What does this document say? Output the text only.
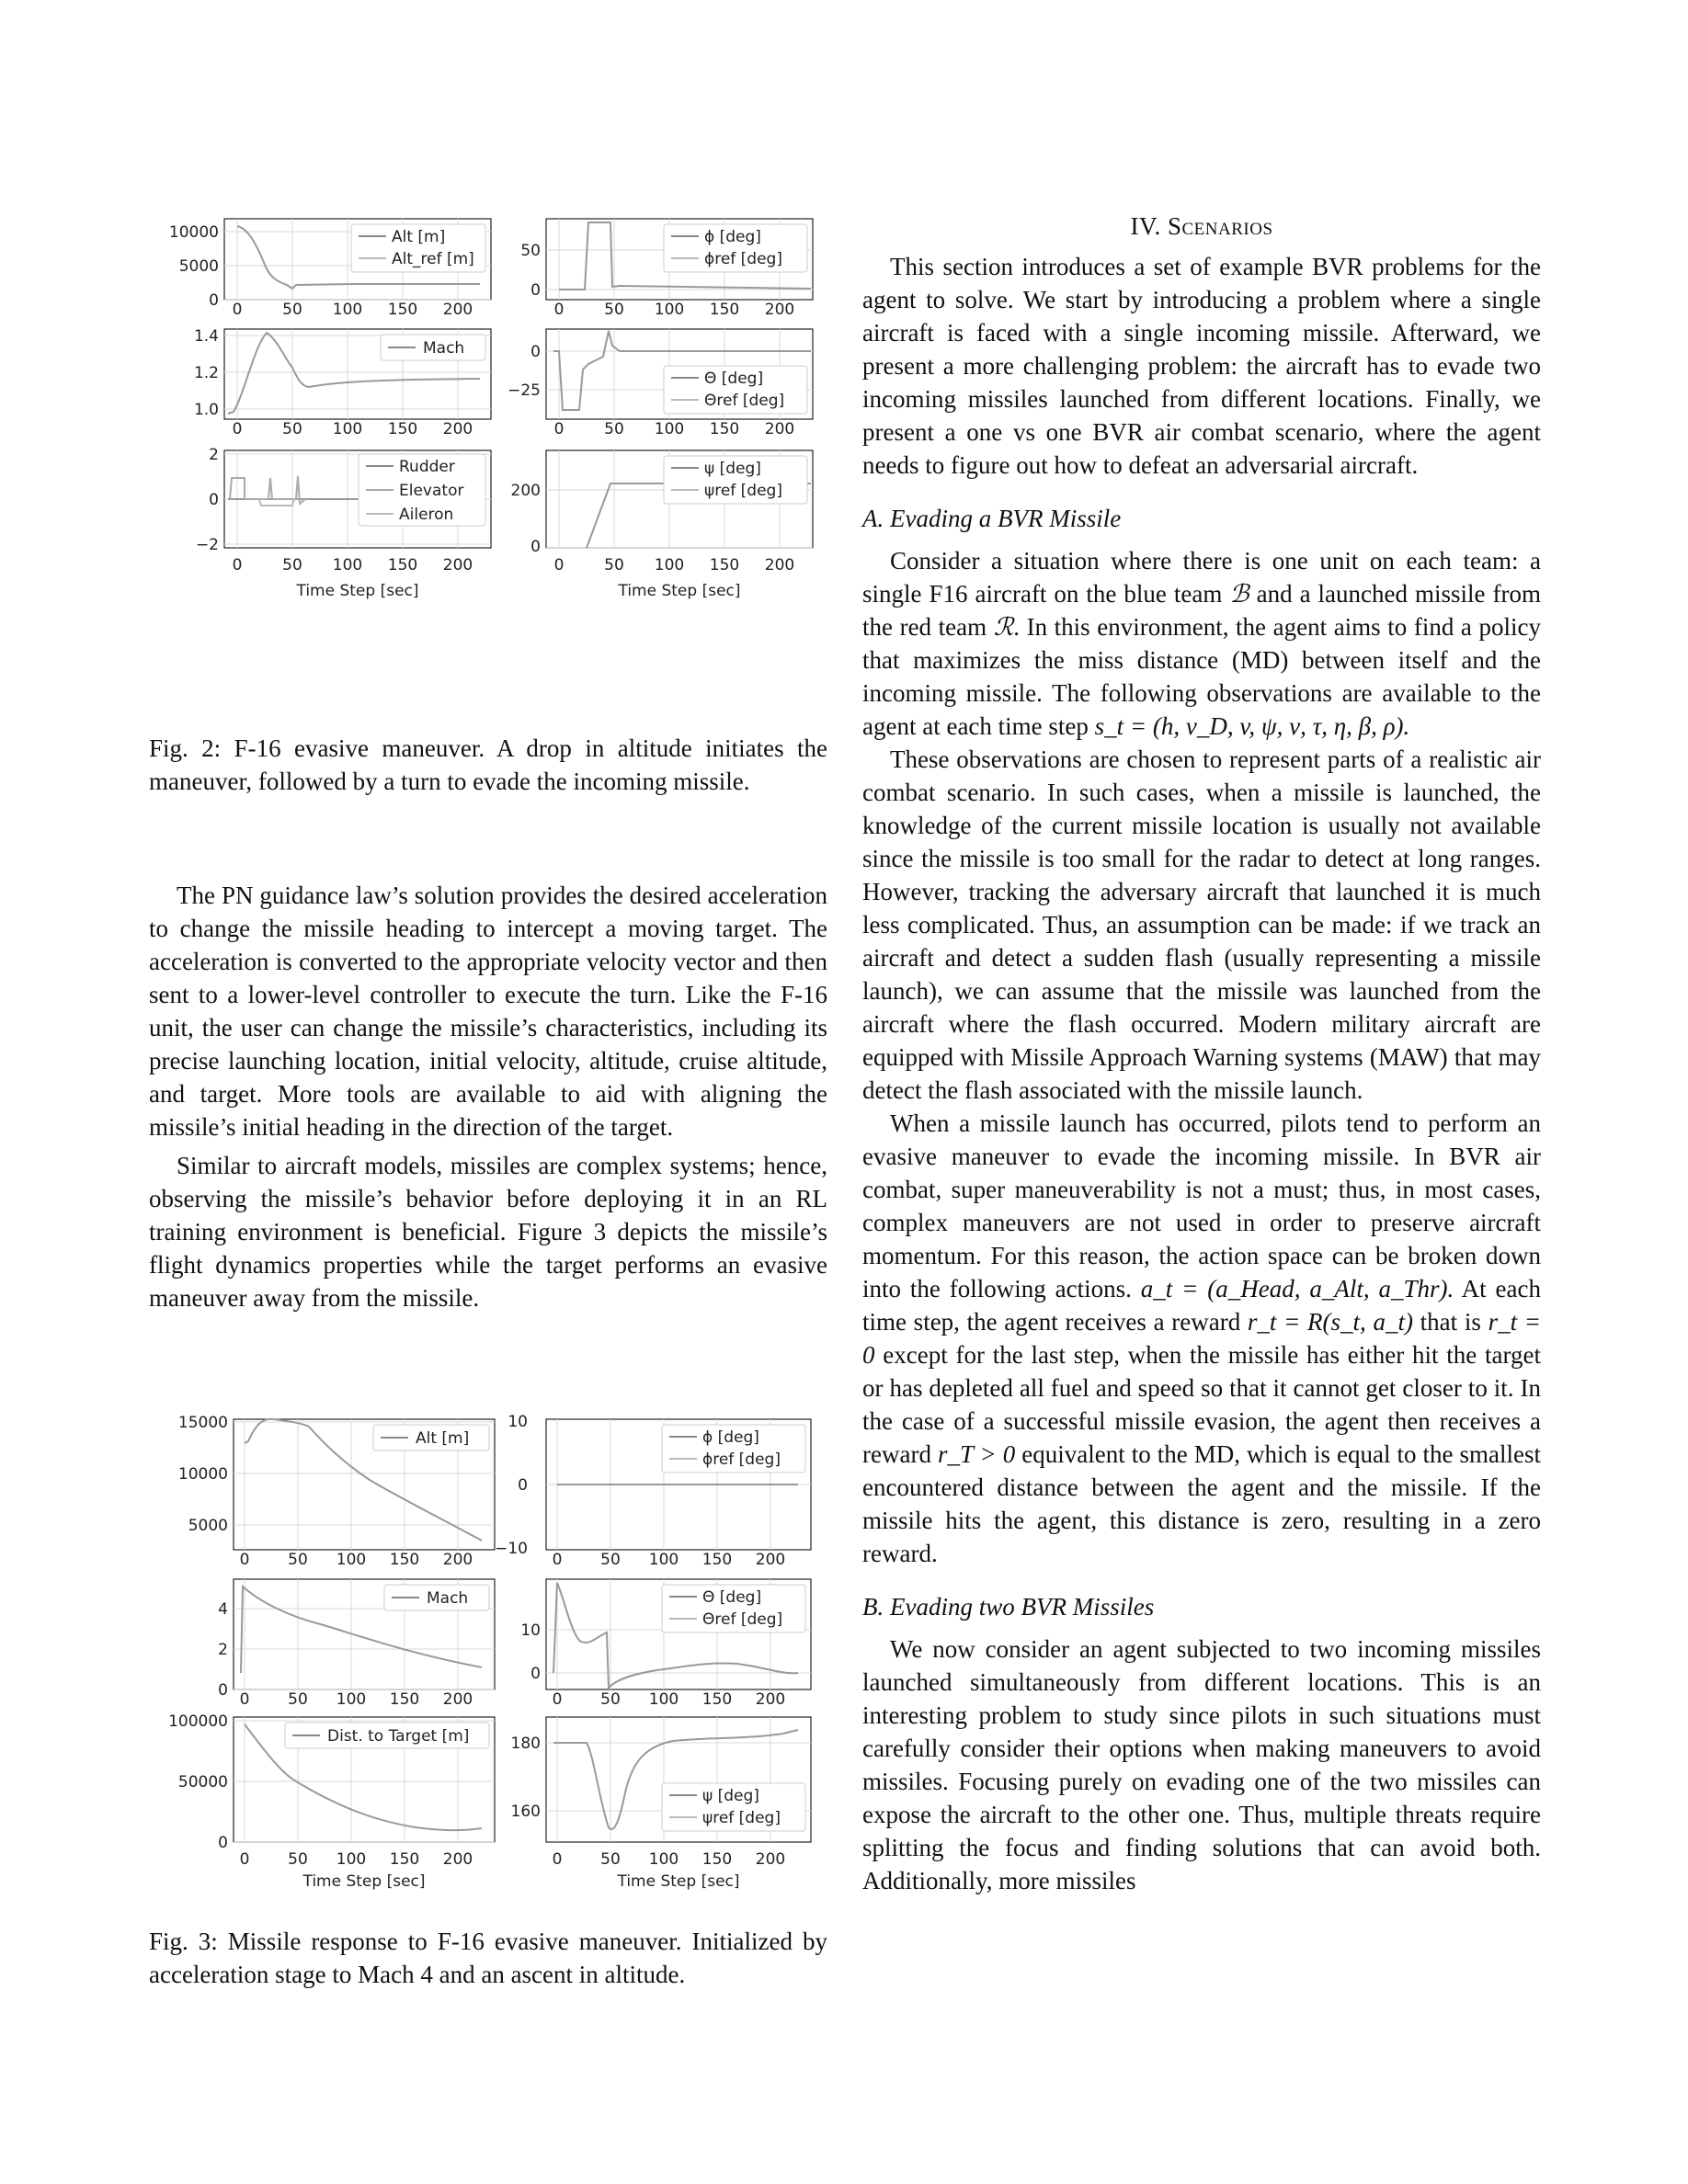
10000
5000
0 0	50 100 150 200
Alt [m]
Alt_ref [m]	50
0
0	50 100 150 200
ϕ [deg]
ϕref [deg]
1.4
1.2
1.0
0	50 100 150 200
Mach	0
−25
0	50 100 150 200
Θ [deg]
Θref [deg]
2
0
−2
0	50 100 150 200
Time Step [sec]
Rudder
Elevator
Aileron
200
0
0	50 100 150 200
Time Step [sec]
ψ [deg]
ψref [deg]
Fig. 2: F-16 evasive maneuver. A drop in altitude initiates the maneuver, followed by a turn to evade the incoming missile.

The PN guidance law’s solution provides the desired acceleration to change the missile heading to intercept a moving target. The acceleration is converted to the appropriate velocity vector and then sent to a lower-level controller to execute the turn. Like the F-16 unit, the user can change the missile’s characteristics, including its precise launching location, initial velocity, altitude, cruise altitude, and target. More tools are available to aid with aligning the missile’s initial heading in the direction of the target.

Similar to aircraft models, missiles are complex systems; hence, observing the missile’s behavior before deploying it in an RL training environment is beneficial. Figure 3 depicts the missile’s flight dynamics properties while the target performs an evasive maneuver away from the missile.

15000
10000
5000
0 50 100 150 200
Alt [m]
10
0
−10
0 50 100 150 200
ϕ [deg]
ϕref [deg]
4
2
0 0 50 100 150 200
Mach
10
0
0 50 100 150 200
Θ [deg]
Θref [deg]
100000
50000
0
0 50 100 150 200
Time Step [sec]
Dist. to Target [m]	180
160
0 50 100 150 200
Time Step [sec]
ψ [deg]
ψref [deg]
Fig. 3: Missile response to F-16 evasive maneuver. Initialized by acceleration stage to Mach 4 and an ascent in altitude.
IV. Scenarios

This section introduces a set of example BVR problems for the agent to solve. We start by introducing a problem where a single aircraft is faced with a single incoming missile. Afterward, we present a more challenging problem: the aircraft has to evade two incoming missiles launched from different locations. Finally, we present a one vs one BVR air combat scenario, where the agent needs to figure out how to defeat an adversarial aircraft.

A. Evading a BVR Missile

Consider a situation where there is one unit on each team: a single F16 aircraft on the blue team ℬ and a launched missile from the red team ℛ. In this environment, the agent aims to find a policy that maximizes the miss distance (MD) between itself and the incoming missile. The following observations are available to the agent at each time step s_t = (h, v_D, v, ψ, ν, τ, η, β, ρ).

These observations are chosen to represent parts of a realistic air combat scenario. In such cases, when a missile is launched, the knowledge of the current missile location is usually not available since the missile is too small for the radar to detect at long ranges. However, tracking the adversary aircraft that launched it is much less complicated. Thus, an assumption can be made: if we track an aircraft and detect a sudden flash (usually representing a missile launch), we can assume that the missile was launched from the aircraft where the flash occurred. Modern military aircraft are equipped with Missile Approach Warning systems (MAW) that may detect the flash associated with the missile launch.

When a missile launch has occurred, pilots tend to perform an evasive maneuver to evade the incoming missile. In BVR air combat, super maneuverability is not a must; thus, in most cases, complex maneuvers are not used in order to preserve aircraft momentum. For this reason, the action space can be broken down into the following actions. a_t = (a_Head, a_Alt, a_Thr). At each time step, the agent receives a reward r_t = R(s_t, a_t) that is r_t = 0 except for the last step, when the missile has either hit the target or has depleted all fuel and speed so that it cannot get closer to it. In the case of a successful missile evasion, the agent then receives a reward r_T > 0 equivalent to the MD, which is equal to the smallest encountered distance between the agent and the missile. If the missile hits the agent, this distance is zero, resulting in a zero reward.

B. Evading two BVR Missiles

We now consider an agent subjected to two incoming missiles launched simultaneously from different locations. This is an interesting problem to study since pilots in such situations must carefully consider their options when making maneuvers to avoid missiles. Focusing purely on evading one of the two missiles can expose the aircraft to the other one. Thus, multiple threats require splitting the focus and finding solutions that can avoid both. Additionally, more missiles
